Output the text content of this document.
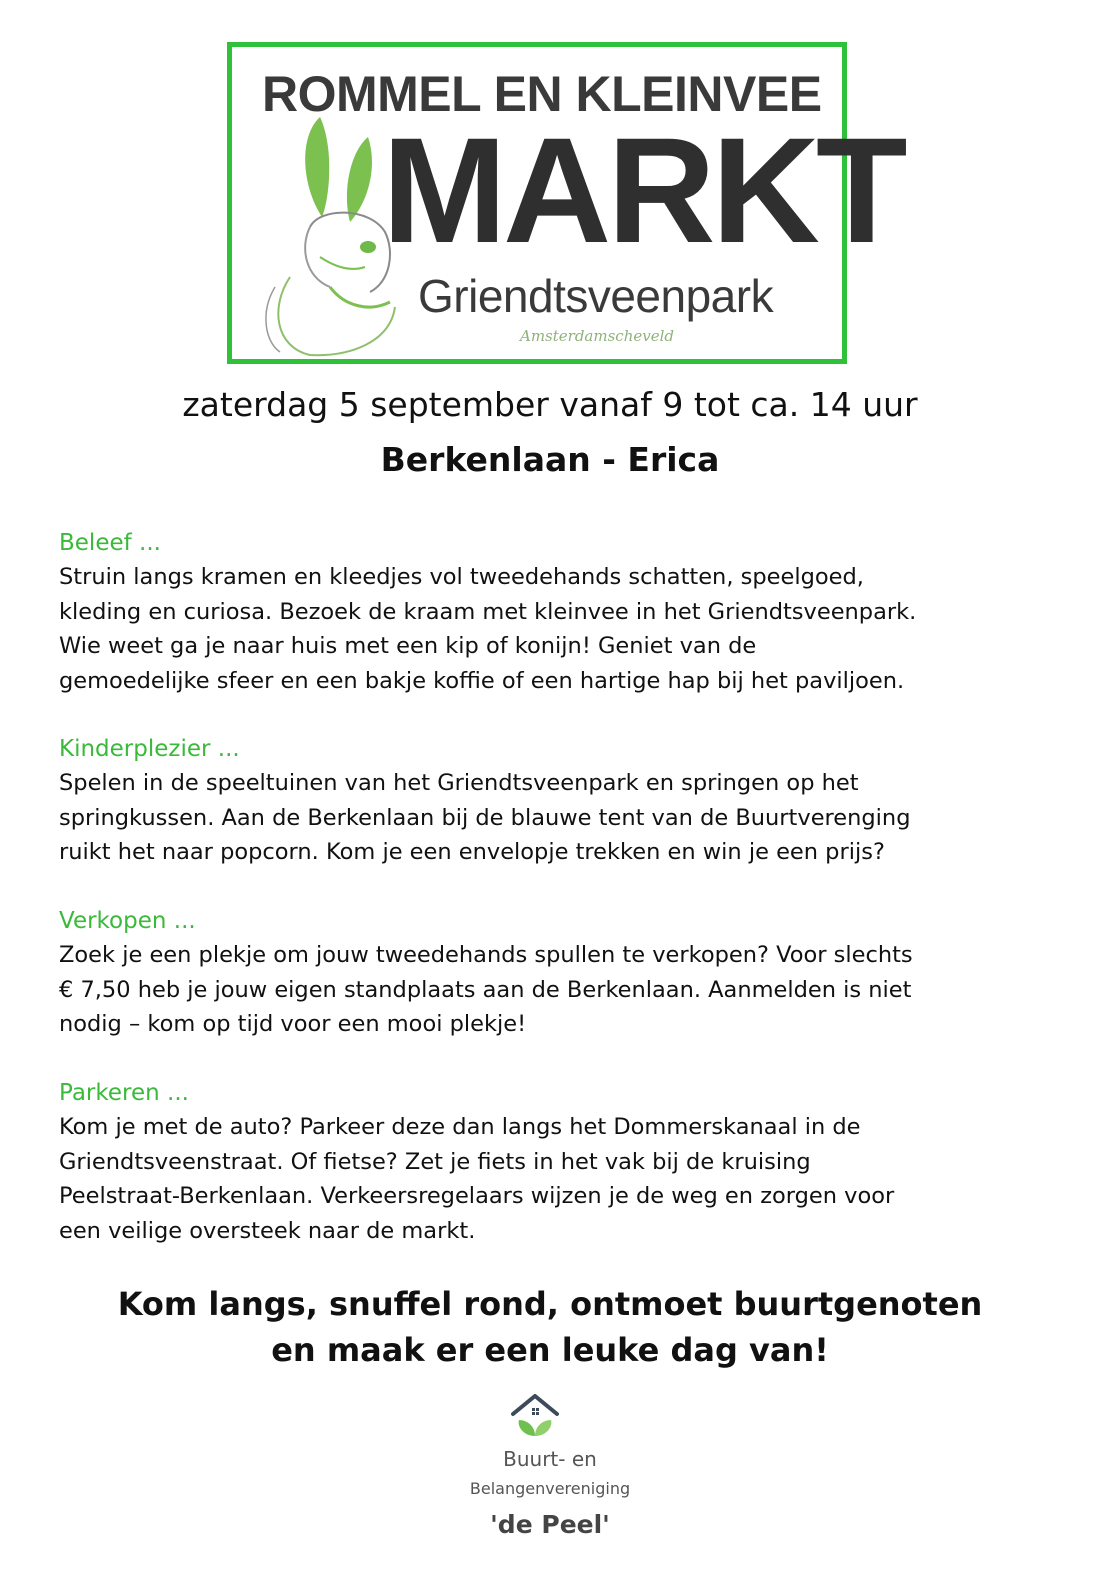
ROMMEL EN KLEINVEE
MARKT
Griendtsveenpark
Amsterdamscheveld
zaterdag 5 september vanaf 9 tot ca. 14 uur
Berkenlaan - Erica
Beleef ...

Struin langs kramen en kleedjes vol tweedehands schatten, speelgoed,

kleding en curiosa. Bezoek de kraam met kleinvee in het Griendtsveenpark.

Wie weet ga je naar huis met een kip of konijn! Geniet van de

gemoedelijke sfeer en een bakje koffie of een hartige hap bij het paviljoen.

Kinderplezier ...

Spelen in de speeltuinen van het Griendtsveenpark en springen op het

springkussen. Aan de Berkenlaan bij de blauwe tent van de Buurtverenging

ruikt het naar popcorn. Kom je een envelopje trekken en win je een prijs?

Verkopen ...

Zoek je een plekje om jouw tweedehands spullen te verkopen? Voor slechts

€ 7,50 heb je jouw eigen standplaats aan de Berkenlaan. Aanmelden is niet

nodig – kom op tijd voor een mooi plekje!

Parkeren ...

Kom je met de auto? Parkeer deze dan langs het Dommerskanaal in de

Griendtsveenstraat. Of fietse? Zet je fiets in het vak bij de kruising

Peelstraat-Berkenlaan. Verkeersregelaars wijzen je de weg en zorgen voor

een veilige oversteek naar de markt.

Kom langs, snuffel rond, ontmoet buurtgenoten
en maak er een leuke dag van!
Buurt- en
Belangenvereniging
'de Peel'
